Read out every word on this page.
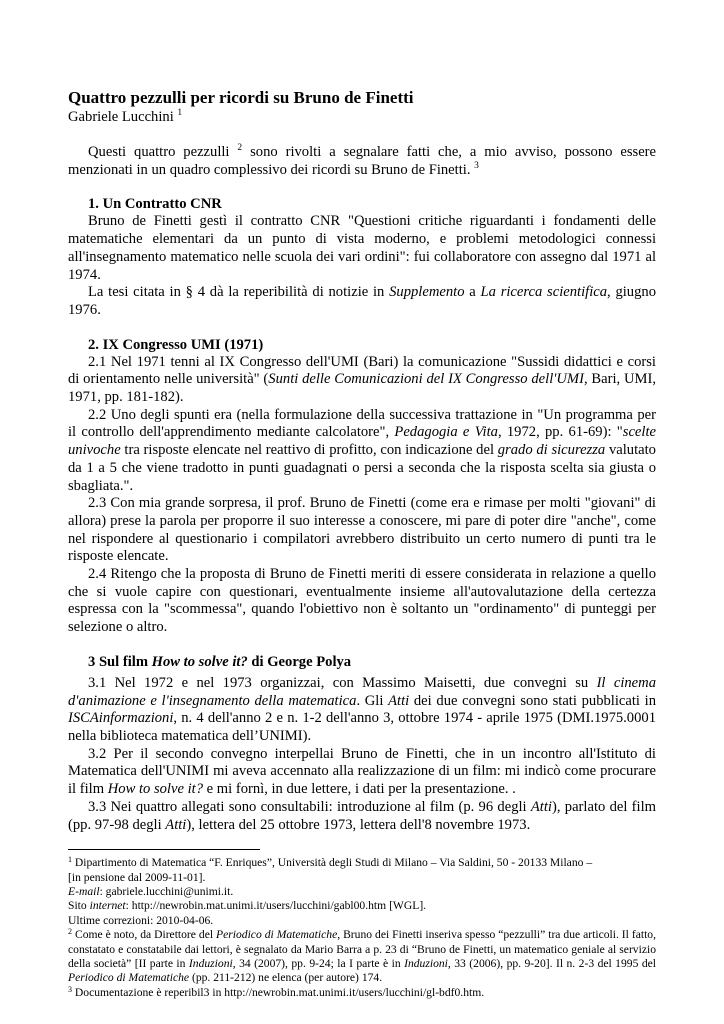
Quattro pezzulli per ricordi su Bruno de Finetti
Gabriele Lucchini $^1$

Questi quattro pezzulli $^2$ sono rivolti a segnalare fatti che, a mio avviso, possono essere menzionati in un quadro complessivo dei ricordi su Bruno de Finetti. $^3$

1. Un Contratto CNR

Bruno de Finetti gestì il contratto CNR "Questioni critiche riguardanti i fondamenti delle matematiche elementari da un punto di vista moderno, e problemi metodologici connessi all'insegnamento matematico nelle scuola dei vari ordini": fui collaboratore con assegno dal 1971 al 1974.

La tesi citata in § 4 dà la reperibilità di notizie in Supplemento a La ricerca scientifica, giugno 1976.

2. IX Congresso UMI (1971)

2.1 Nel 1971 tenni al IX Congresso dell'UMI (Bari) la comunicazione "Sussidi didattici e corsi di orientamento nelle università" (Sunti delle Comunicazioni del IX Congresso dell'UMI, Bari, UMI, 1971, pp. 181-182).

2.2 Uno degli spunti era (nella formulazione della successiva trattazione in "Un programma per il controllo dell'apprendimento mediante calcolatore", Pedagogia e Vita, 1972, pp. 61-69): "scelte univoche tra risposte elencate nel reattivo di profitto, con indicazione del grado di sicurezza valutato da 1 a 5 che viene tradotto in punti guadagnati o persi a seconda che la risposta scelta sia giusta o sbagliata.".

2.3 Con mia grande sorpresa, il prof. Bruno de Finetti (come era e rimase per molti "giovani" di allora) prese la parola per proporre il suo interesse a conoscere, mi pare di poter dire "anche", come nel rispondere al questionario i compilatori avrebbero distribuito un certo numero di punti tra le risposte elencate.

2.4 Ritengo che la proposta di Bruno de Finetti meriti di essere considerata in relazione a quello che si vuole capire con questionari, eventualmente insieme all'autovalutazione della certezza espressa con la "scommessa", quando l'obiettivo non è soltanto un "ordinamento" di punteggi per selezione o altro.

3 Sul film How to solve it? di George Polya

3.1 Nel 1972 e nel 1973 organizzai, con Massimo Maisetti, due convegni su Il cinema d'animazione e l'insegnamento della matematica. Gli Atti dei due convegni sono stati pubblicati in ISCAinformazioni, n. 4 dell'anno 2 e n. 1-2 dell'anno 3, ottobre 1974 - aprile 1975 (DMI.1975.0001 nella biblioteca matematica dell’UNIMI).

3.2 Per il secondo convegno interpellai Bruno de Finetti, che in un incontro all'Istituto di Matematica dell'UNIMI mi aveva accennato alla realizzazione di un film: mi indicò come procurare il film How to solve it? e mi fornì, in due lettere, i dati per la presentazione. .

3.3 Nei quattro allegati sono consultabili: introduzione al film (p. 96 degli Atti), parlato del film (pp. 97-98 degli Atti), lettera del 25 ottobre 1973, lettera dell'8 novembre 1973.

$^1$ Dipartimento di Matematica “F. Enriques”, Università degli Studi di Milano – Via Saldini, 50 - 20133 Milano –

[in pensione dal 2009-11-01].

E-mail: gabriele.lucchini@unimi.it.

Sito internet: http://newrobin.mat.unimi.it/users/lucchini/gabl00.htm [WGL].

Ultime correzioni: 2010-04-06.

$^2$ Come è noto, da Direttore del Periodico di Matematiche, Bruno dei Finetti inseriva spesso “pezzulli” tra due articoli. Il fatto, constatato e constatabile dai lettori, è segnalato da Mario Barra a p. 23 di “Bruno de Finetti, un matematico geniale al servizio della società” [II parte in Induzioni, 34 (2007), pp. 9-24; la I parte è in Induzioni, 33 (2006), pp. 9-20]. Il n. 2-3 del 1995 del Periodico di Matematiche (pp. 211-212) ne elenca (per autore) 174.

$^3$ Documentazione è reperibil3 in http://newrobin.mat.unimi.it/users/lucchini/gl-bdf0.htm.
